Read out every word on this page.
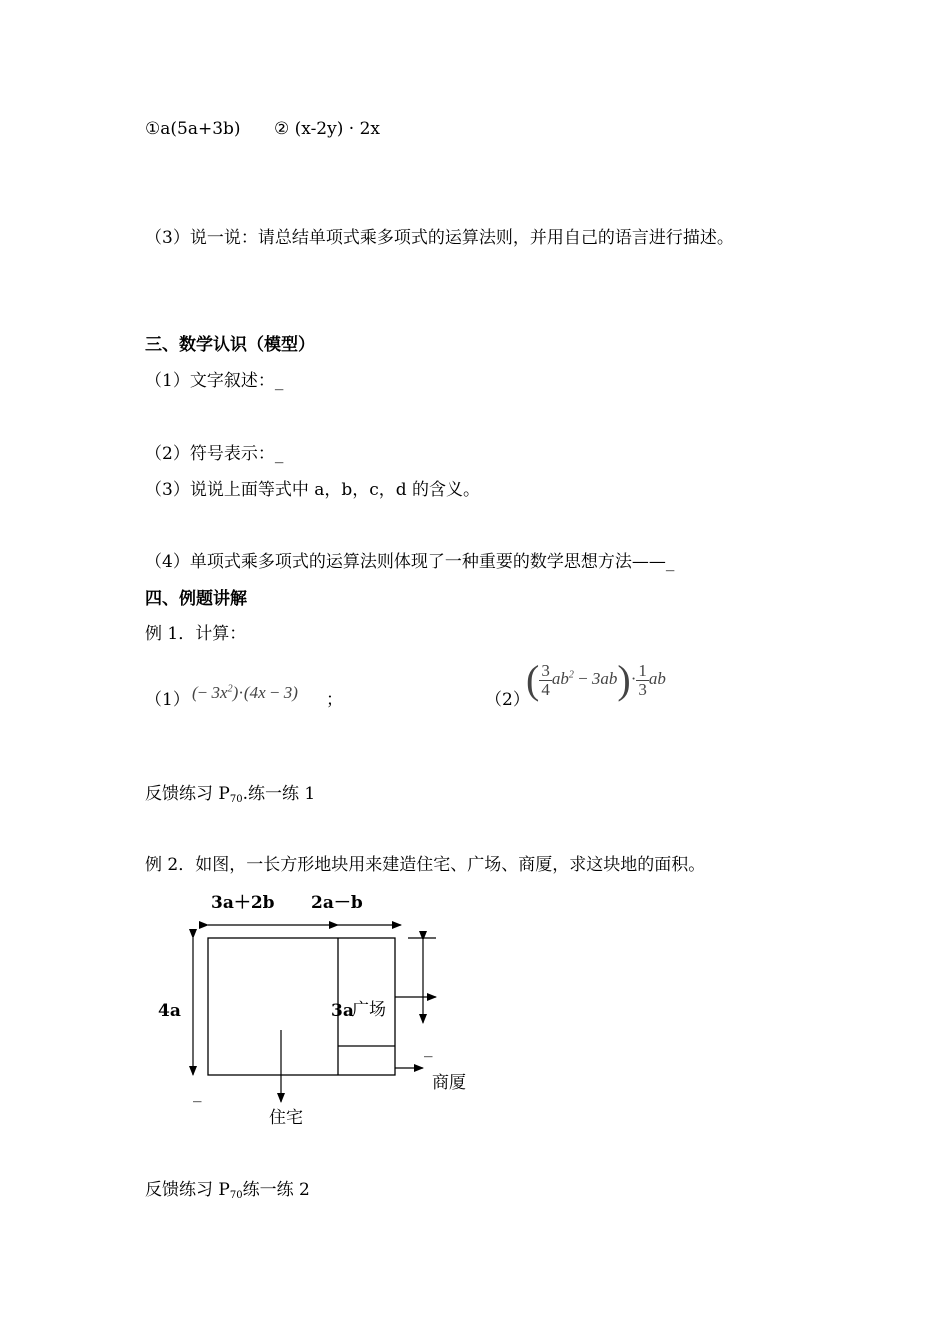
①a(5a+3b) ② (x-2y) · 2x
（3）说一说：请总结单项式乘多项式的运算法则，并用自己的语言进行描述。
三、数学认识（模型）
（1）文字叙述：_
（2）符号表示：_
（3）说说上面等式中 a，b，c，d 的含义。
（4）单项式乘多项式的运算法则体现了一种重要的数学思想方法——_
四、例题讲解
例 1．计算：
（1） (− $3x^2)\cdot(4x - 3)$ ；	（2）
( $\frac{3}{4} ab^2 - 3ab)\cdot \frac{1}{3}$ ab
反馈练习 $P_{70}$.练一练 1
例 2．如图，一长方形地块用来建造住宅、广场、商厦，求这块地的面积。
3a＋2b 2a－b
4a	3a
广场
商厦
住宅
_
_
反馈练习 $P_{70}$练一练 2
